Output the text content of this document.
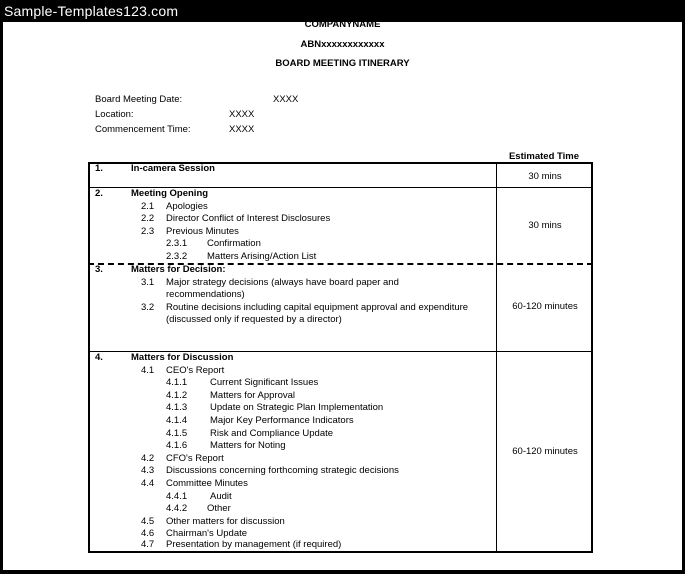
Sample-Templates123.com
COMPANYNAME
ABNxxxxxxxxxxxx
BOARD MEETING ITINERARY
Board Meeting Date:	XXXX
Location:	XXXX
Commencement Time:	XXXX
Estimated Time
1.	In-camera Session
30 mins
2.	Meeting Opening
2.1 Apologies
2.2 Director Conflict of Interest Disclosures
2.3 Previous Minutes
2.3.1 Confirmation
2.3.2 Matters Arising/Action List
30 mins
3.	Matters for Decision:
3.1 Major strategy decisions (always have board paper and
recommendations)
3.2 Routine decisions including capital equipment approval and expenditure
(discussed only if requested by a director)
60-120 minutes
4.	Matters for Discussion
4.1 CEO's Report
4.1.1 Current Significant Issues
4.1.2 Matters for Approval
4.1.3 Update on Strategic Plan Implementation
4.1.4 Major Key Performance Indicators
4.1.5 Risk and Compliance Update
4.1.6 Matters for Noting
4.2 CFO's Report
4.3 Discussions concerning forthcoming strategic decisions
4.4 Committee Minutes
4.4.1 Audit
4.4.2 Other
4.5 Other matters for discussion
4.6 Chairman's Update
4.7 Presentation by management (if required)
60-120 minutes
